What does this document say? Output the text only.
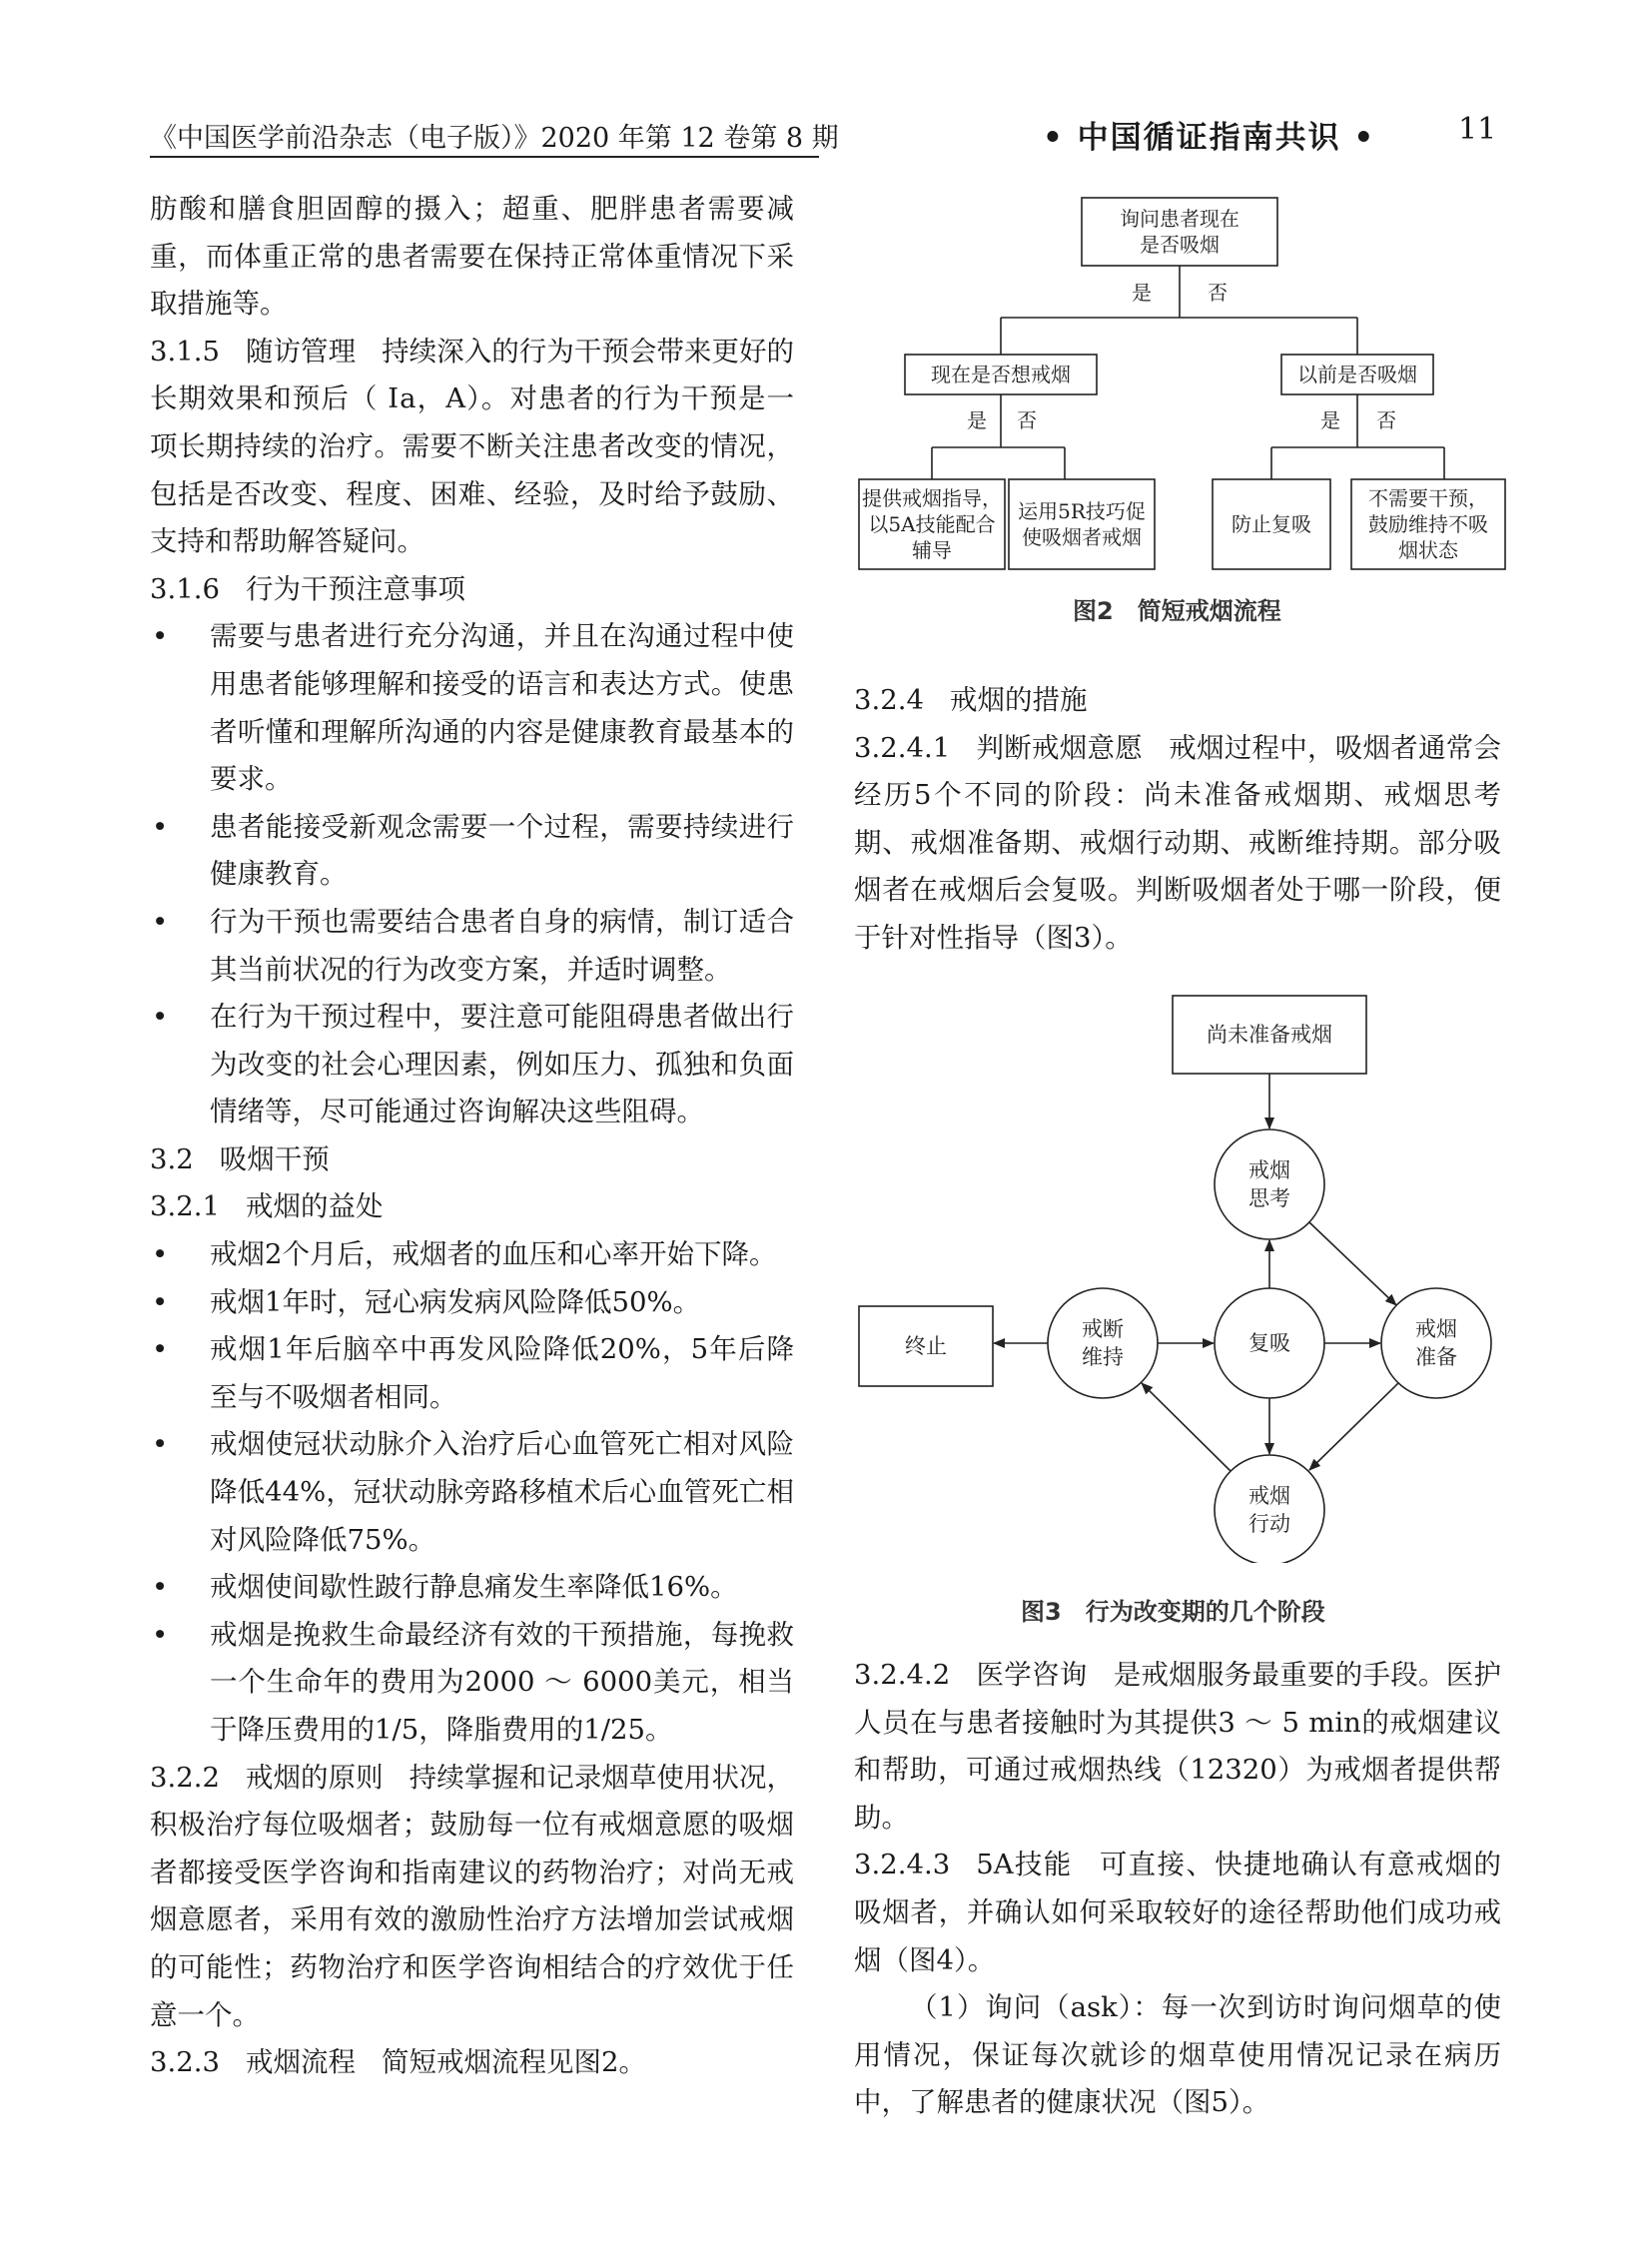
《中国医学前沿杂志（电子版）》2020 年第 12 卷第 8 期	• 中国循证指南共识 •	11

肪酸和膳食胆固醇的摄入；超重、肥胖患者需要减重，而体重正常的患者需要在保持正常体重情况下采取措施等。

3.1.5 随访管理 持续深入的行为干预会带来更好的长期效果和预后（ Ⅰa，A）。对患者的行为干预是一项长期持续的治疗。需要不断关注患者改变的情况，包括是否改变、程度、困难、经验，及时给予鼓励、支持和帮助解答疑问。

3.1.6 行为干预注意事项

• 需要与患者进行充分沟通，并且在沟通过程中使用患者能够理解和接受的语言和表达方式。使患者听懂和理解所沟通的内容是健康教育最基本的要求。

• 患者能接受新观念需要一个过程，需要持续进行健康教育。

• 行为干预也需要结合患者自身的病情，制订适合其当前状况的行为改变方案，并适时调整。

• 在行为干预过程中，要注意可能阻碍患者做出行为改变的社会心理因素，例如压力、孤独和负面情绪等，尽可能通过咨询解决这些阻碍。

3.2 吸烟干预

3.2.1 戒烟的益处

• 戒烟2个月后，戒烟者的血压和心率开始下降。

• 戒烟1年时，冠心病发病风险降低50%。

• 戒烟1年后脑卒中再发风险降低20%，5年后降至与不吸烟者相同。

• 戒烟使冠状动脉介入治疗后心血管死亡相对风险降低44%，冠状动脉旁路移植术后心血管死亡相对风险降低75%。

• 戒烟使间歇性跛行静息痛发生率降低16%。

• 戒烟是挽救生命最经济有效的干预措施，每挽救一个生命年的费用为2000 ～ 6000美元，相当于降压费用的1/5，降脂费用的1/25。

3.2.2 戒烟的原则 持续掌握和记录烟草使用状况，积极治疗每位吸烟者；鼓励每一位有戒烟意愿的吸烟者都接受医学咨询和指南建议的药物治疗；对尚无戒烟意愿者，采用有效的激励性治疗方法增加尝试戒烟的可能性；药物治疗和医学咨询相结合的疗效优于任意一个。

3.2.3 戒烟流程 简短戒烟流程见图2。

询问患者现在
是否吸烟
是	否
现在是否想戒烟	以前是否吸烟
是 否	是 否
提供戒烟指导，
以5A技能配合
辅导
运用5R技巧促
使吸烟者戒烟
防止复吸
不需要干预，
鼓励维持不吸
烟状态
图2　简短戒烟流程

3.2.4 戒烟的措施

3.2.4.1 判断戒烟意愿 戒烟过程中，吸烟者通常会经历5个不同的阶段：尚未准备戒烟期、戒烟思考期、戒烟准备期、戒烟行动期、戒断维持期。部分吸烟者在戒烟后会复吸。判断吸烟者处于哪一阶段，便于针对性指导（图3）。

尚未准备戒烟
终止
戒烟
思考
戒烟
准备
戒烟
行动
戒断
维持
复吸
图3　行为改变期的几个阶段

3.2.4.2 医学咨询 是戒烟服务最重要的手段。医护人员在与患者接触时为其提供3 ～ 5 min的戒烟建议和帮助，可通过戒烟热线（12320）为戒烟者提供帮助。

3.2.4.3 5A技能 可直接、快捷地确认有意戒烟的吸烟者，并确认如何采取较好的途径帮助他们成功戒烟（图4）。

（1）询问（ask）：每一次到访时询问烟草的使用情况，保证每次就诊的烟草使用情况记录在病历中，了解患者的健康状况（图5）。
